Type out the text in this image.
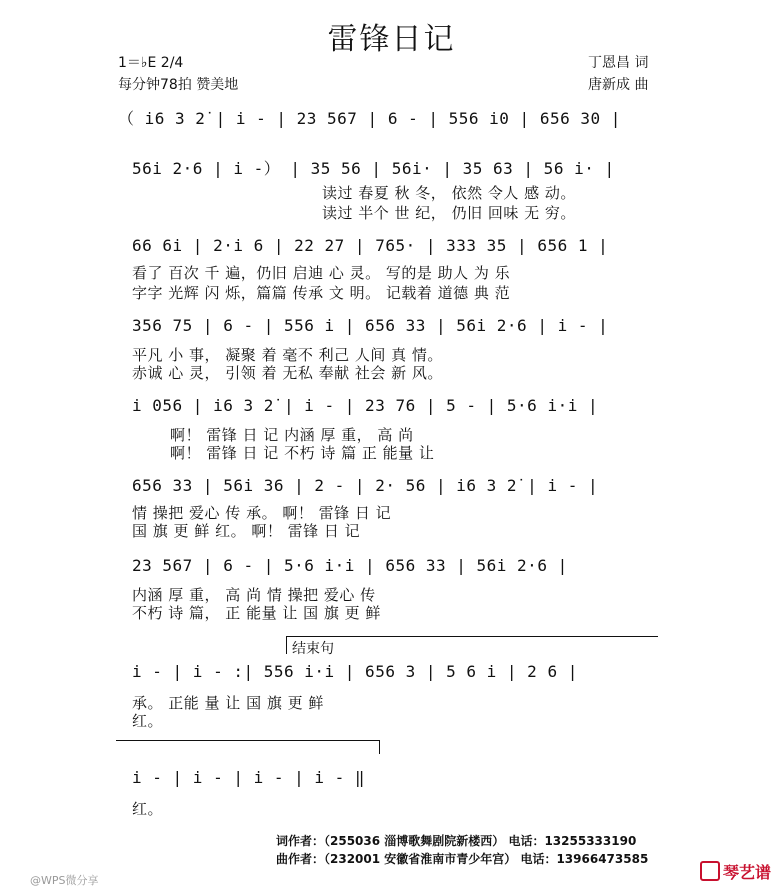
雷锋日记
1＝♭E 2/4
每分钟78拍 赞美地
丁恩昌 词
唐新成 曲
（ i6 3 2̇ | i - | 23 567 | 6 - | 556 i0 | 656 30 |
56i 2·6 | i -） | 35 56 | 56i· | 35 63 | 56 i· |
读过 春夏 秋 冬， 依然 令人 感 动。
读过 半个 世 纪， 仍旧 回味 无 穷。
66 6i | 2·i 6 | 22 27 | 765· | 333 35 | 656 1 |
看了 百次 千 遍，仍旧 启迪 心 灵。 写的是 助人 为 乐
字字 光辉 闪 烁，篇篇 传承 文 明。 记载着 道德 典 范
356 75 | 6 - | 556 i | 656 33 | 56i 2·6 | i - |
平凡 小 事， 凝聚 着 毫不 利己 人间 真 情。
赤诚 心 灵， 引领 着 无私 奉献 社会 新 风。
i 056 | i6 3 2̇ | i - | 23 76 | 5 - | 5·6 i·i |
啊！ 雷锋 日 记 内涵 厚 重， 高 尚
啊！ 雷锋 日 记 不朽 诗 篇 正 能量 让
656 33 | 56i 36 | 2 - | 2· 56 | i6 3 2̇ | i - |
情 操把 爱心 传 承。 啊！ 雷锋 日 记
国 旗 更 鲜 红。 啊！ 雷锋 日 记
23 567 | 6 - | 5·6 i·i | 656 33 | 56i 2·6 |
内涵 厚 重， 高 尚 情 操把 爱心 传
不朽 诗 篇， 正 能量 让 国 旗 更 鲜
结束句
i - | i - :| 556 i·i | 656 3 | 5 6 i | 2 6 |
承。 正能 量 让 国 旗 更 鲜
红。
i - | i - | i - | i - ‖
红。
词作者：（255036 淄博歌舞剧院新楼西） 电话：13255333190
曲作者：（232001 安徽省淮南市青少年宫） 电话：13966473585
@WPS微分享	琴艺谱
